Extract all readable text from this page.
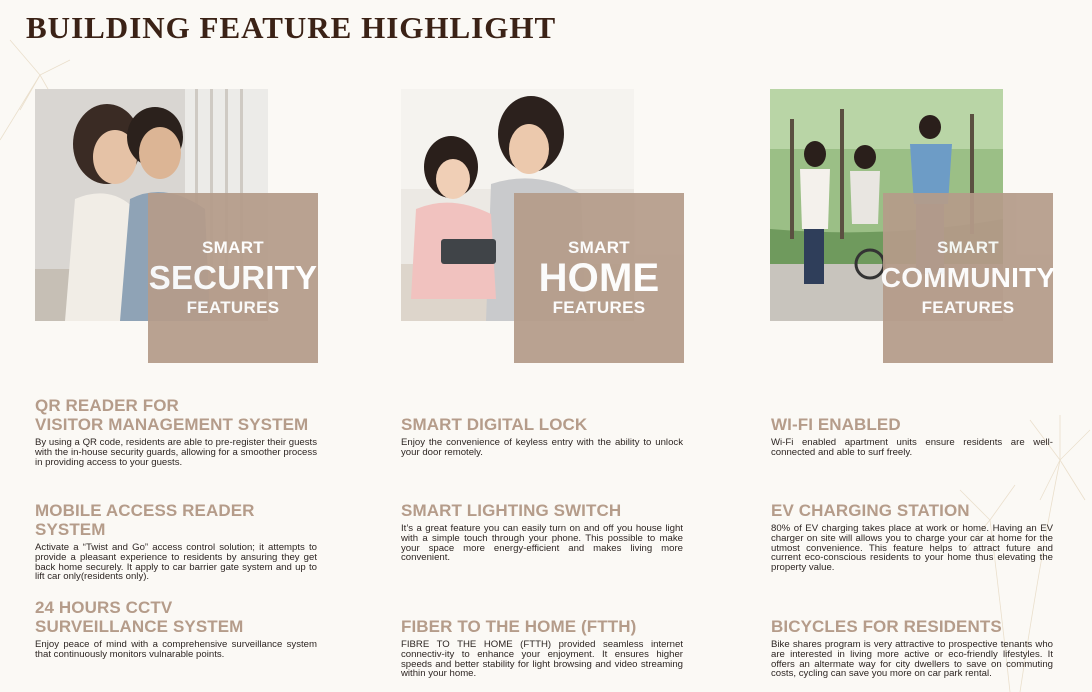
BUILDING FEATURE HIGHLIGHT
SMART
SECURITY
FEATURES
SMART
HOME
FEATURES
SMART
COMMUNITY
FEATURES
QR READER FOR
VISITOR MANAGEMENT SYSTEM

By using a QR code, residents are able to pre-register their guests with the in-house security guards, allowing for a smoother process in providing access to your guests.

MOBILE ACCESS READER SYSTEM

Activate a “Twist and Go” access control solution; it attempts to provide a pleasant experience to residents by ansuring they get back home securely. It apply to car barrier gate system and up to lift car only(residents only).

24 HOURS CCTV
SURVEILLANCE SYSTEM

Enjoy peace of mind with a comprehensive surveillance system that continuously monitors vulnarable points.

SMART DIGITAL LOCK

Enjoy the convenience of keyless entry with the ability to unlock your door remotely.

SMART LIGHTING SWITCH

It’s a great feature you can easily turn on and off you house light with a simple touch through your phone. This possible to make your space more energy-efficient and makes living more convenient.

FIBER TO THE HOME (FTTH)

FIBRE TO THE HOME (FTTH) provided seamless internet connectiv-ity to enhance your enjoyment. It ensures higher speeds and better stability for light browsing and video streaming within your home.

WI-FI ENABLED

Wi-Fi enabled apartment units ensure residents are well-connected and able to surf freely.

EV CHARGING STATION

80% of EV charging takes place at work or home. Having an EV charger on site will allows you to charge your car at home for the utmost convenience. This feature helps to attract future and current eco-conscious residents to your home thus elevating the property value.

BICYCLES FOR RESIDENTS

Bike shares program is very attractive to prospective tenants who are interested in living more active or eco-friendly lifestyles. It offers an altermate way for city dwellers to save on commuting costs, cycling can save you more on car park rental.
